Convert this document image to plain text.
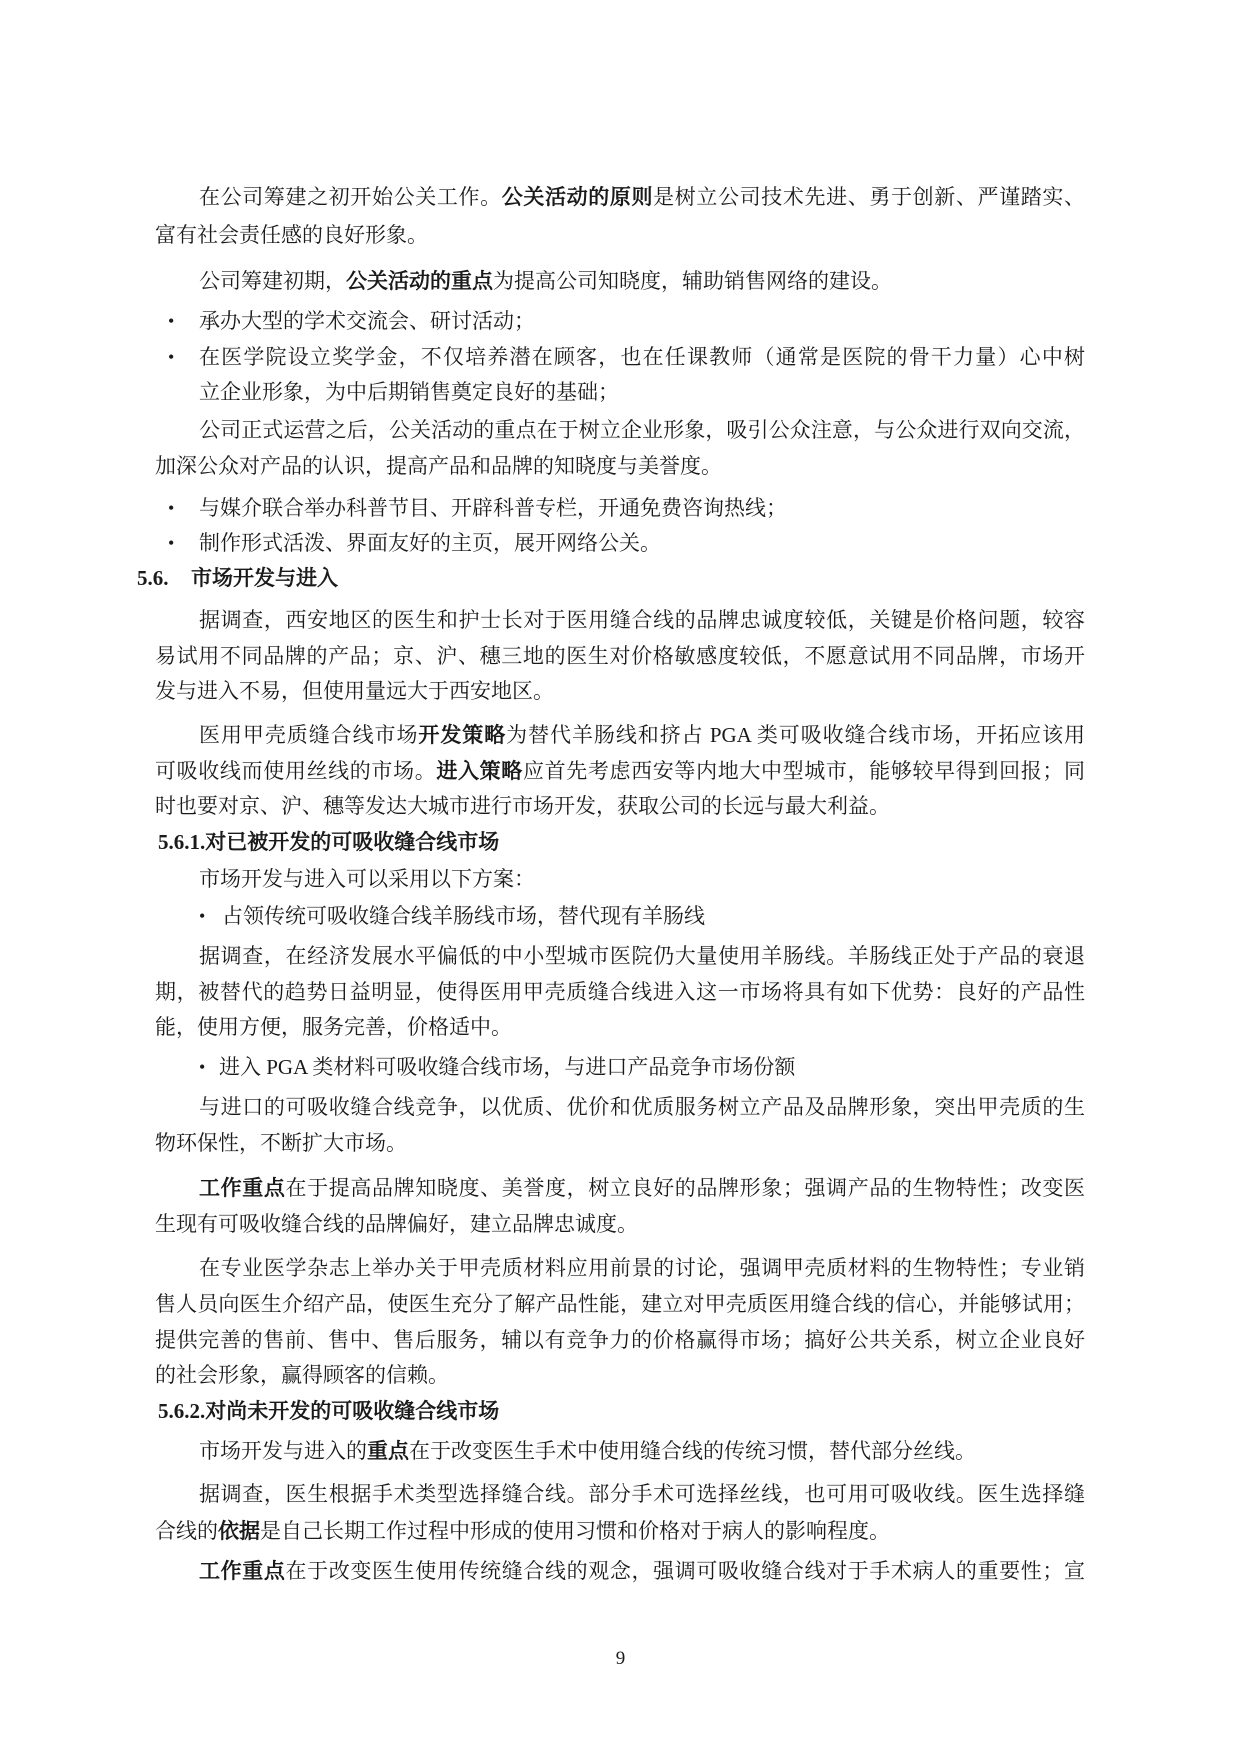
在公司筹建之初开始公关工作。公关活动的原则是树立公司技术先进、勇于创新、严谨踏实、
富有社会责任感的良好形象。
公司筹建初期，公关活动的重点为提高公司知晓度，辅助销售网络的建设。
• 承办大型的学术交流会、研讨活动；
• 在医学院设立奖学金，不仅培养潜在顾客，也在任课教师（通常是医院的骨干力量）心中树
立企业形象，为中后期销售奠定良好的基础；
公司正式运营之后，公关活动的重点在于树立企业形象，吸引公众注意，与公众进行双向交流，
加深公众对产品的认识，提高产品和品牌的知晓度与美誉度。
• 与媒介联合举办科普节目、开辟科普专栏，开通免费咨询热线；
• 制作形式活泼、界面友好的主页，展开网络公关。
5.6. 市场开发与进入
据调查，西安地区的医生和护士长对于医用缝合线的品牌忠诚度较低，关键是价格问题，较容
易试用不同品牌的产品；京、沪、穗三地的医生对价格敏感度较低，不愿意试用不同品牌，市场开
发与进入不易，但使用量远大于西安地区。
医用甲壳质缝合线市场开发策略为替代羊肠线和挤占 PGA 类可吸收缝合线市场，开拓应该用
可吸收线而使用丝线的市场。进入策略应首先考虑西安等内地大中型城市，能够较早得到回报；同
时也要对京、沪、穗等发达大城市进行市场开发，获取公司的长远与最大利益。
5.6.1.对已被开发的可吸收缝合线市场
市场开发与进入可以采用以下方案：
• 占领传统可吸收缝合线羊肠线市场，替代现有羊肠线
据调查，在经济发展水平偏低的中小型城市医院仍大量使用羊肠线。羊肠线正处于产品的衰退
期，被替代的趋势日益明显，使得医用甲壳质缝合线进入这一市场将具有如下优势：良好的产品性
能，使用方便，服务完善，价格适中。
• 进入 PGA 类材料可吸收缝合线市场，与进口产品竞争市场份额
与进口的可吸收缝合线竞争，以优质、优价和优质服务树立产品及品牌形象，突出甲壳质的生
物环保性，不断扩大市场。
工作重点在于提高品牌知晓度、美誉度，树立良好的品牌形象；强调产品的生物特性；改变医
生现有可吸收缝合线的品牌偏好，建立品牌忠诚度。
在专业医学杂志上举办关于甲壳质材料应用前景的讨论，强调甲壳质材料的生物特性；专业销
售人员向医生介绍产品，使医生充分了解产品性能，建立对甲壳质医用缝合线的信心，并能够试用；
提供完善的售前、售中、售后服务，辅以有竞争力的价格赢得市场；搞好公共关系，树立企业良好
的社会形象，赢得顾客的信赖。
5.6.2.对尚未开发的可吸收缝合线市场
市场开发与进入的重点在于改变医生手术中使用缝合线的传统习惯，替代部分丝线。
据调查，医生根据手术类型选择缝合线。部分手术可选择丝线，也可用可吸收线。医生选择缝
合线的依据是自己长期工作过程中形成的使用习惯和价格对于病人的影响程度。
工作重点在于改变医生使用传统缝合线的观念，强调可吸收缝合线对于手术病人的重要性；宣
9
